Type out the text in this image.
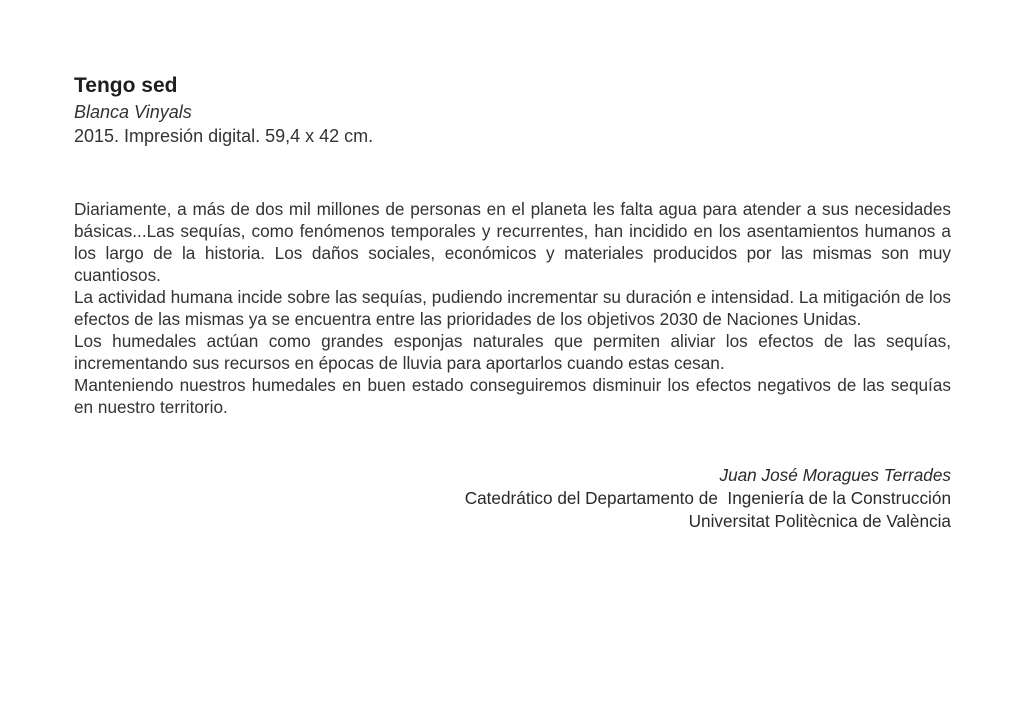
Tengo sed

Blanca Vinyals

2015. Impresión digital. 59,4 x 42 cm.

Diariamente, a más de dos mil millones de personas en el planeta les falta agua para atender a sus necesidades básicas...Las sequías, como fenómenos temporales y recurrentes, han incidido en los asentamientos humanos a los largo de la historia. Los daños sociales, económicos y materiales producidos por las mismas son muy cuantiosos.

La actividad humana incide sobre las sequías, pudiendo incrementar su duración e intensidad. La mitigación de los efectos de las mismas ya se encuentra entre las prioridades de los objetivos 2030 de Naciones Unidas.

Los humedales actúan como grandes esponjas naturales que permiten aliviar los efectos de las sequías, incrementando sus recursos en épocas de lluvia para aportarlos cuando estas cesan.

Manteniendo nuestros humedales en buen estado conseguiremos disminuir los efectos negativos de las sequías en nuestro territorio.

Juan José Moragues Terrades
Catedrático del Departamento de  Ingeniería de la Construcción
Universitat Politècnica de València
